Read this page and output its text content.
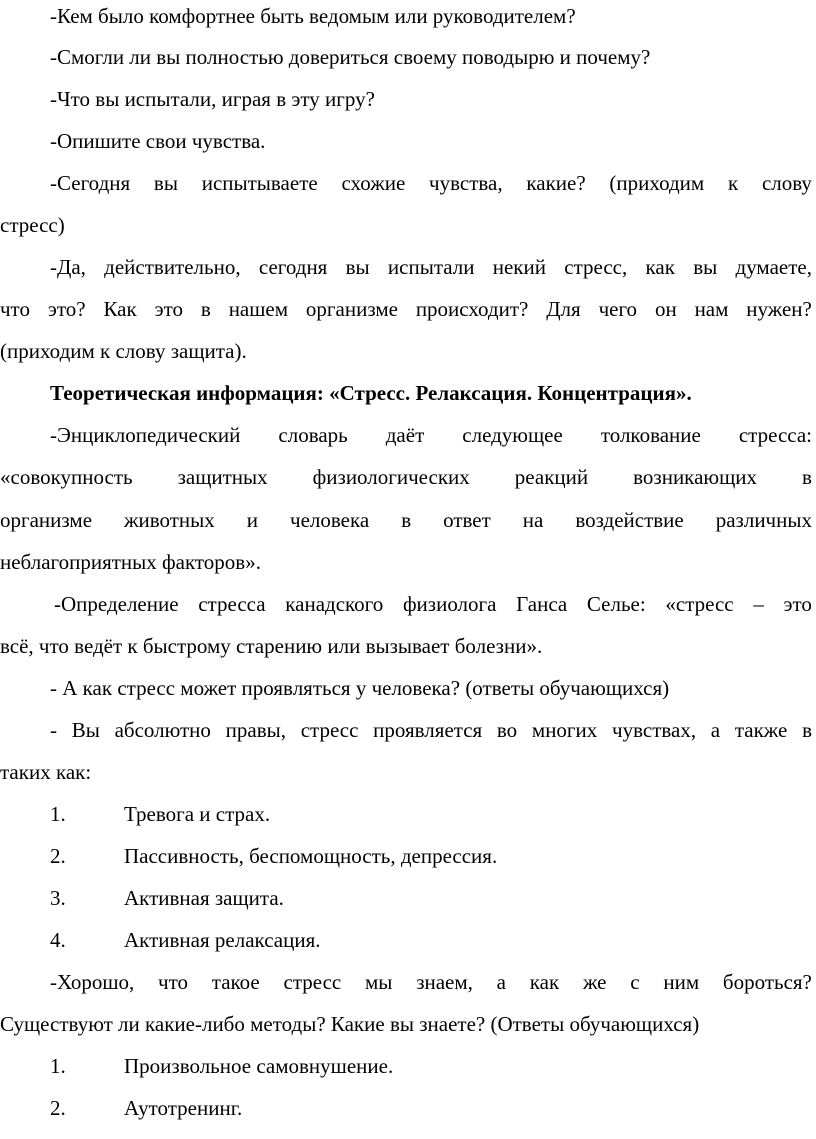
-Кем было комфортнее быть ведомым или руководителем?
-Смогли ли вы полностью довериться своему поводырю и почему?
-Что вы испытали, играя в эту игру?
-Опишите свои чувства.
-Сегодня вы испытываете схожие чувства, какие? (приходим к слову
стресс)
-Да, действительно, сегодня вы испытали некий стресс, как вы думаете,
что это? Как это в нашем организме происходит? Для чего он нам нужен?
(приходим к слову защита).
Теоретическая информация: «Стресс. Релаксация. Концентрация».
-Энциклопедический словарь даёт следующее толкование стресса:
«совокупность защитных физиологических реакций возникающих в
организме животных и человека в ответ на воздействие различных
неблагоприятных факторов».
-Определение стресса канадского физиолога Ганса Селье: «стресс – это
всё, что ведёт к быстрому старению или вызывает болезни».
- А как стресс может проявляться у человека? (ответы обучающихся)
- Вы абсолютно правы, стресс проявляется во многих чувствах, а также в
таких как:
1.	Тревога и страх.
2.	Пассивность, беспомощность, депрессия.
3.	Активная защита.
4.	Активная релаксация.
-Хорошо, что такое стресс мы знаем, а как же с ним бороться?
Существуют ли какие-либо методы? Какие вы знаете? (Ответы обучающихся)
1.	Произвольное самовнушение.
2.	Аутотренинг.
